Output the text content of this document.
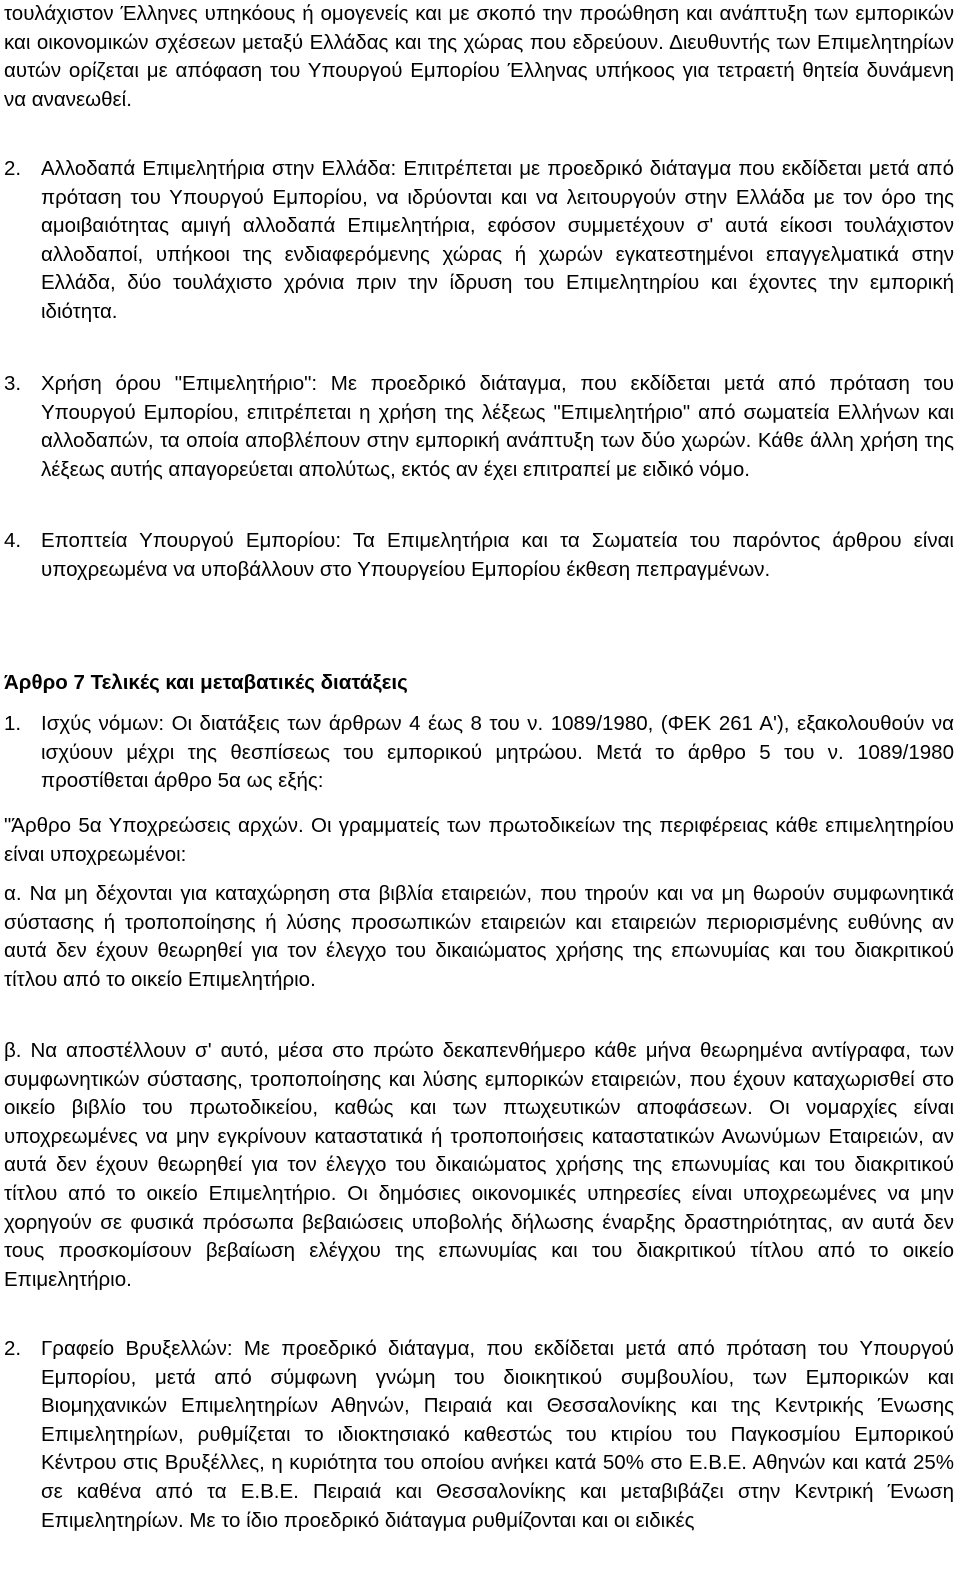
τουλάχιστον Έλληνες υπηκόους ή ομογενείς και με σκοπό την προώθηση και ανάπτυξη των εμπορικών και οικονομικών σχέσεων μεταξύ Ελλάδας και της χώρας που εδρεύουν. Διευθυντής των Επιμελητηρίων αυτών ορίζεται με απόφαση του Υπουργού Εμπορίου Έλληνας υπήκοος για τετραετή θητεία δυνάμενη να ανανεωθεί.

2. Αλλοδαπά Επιμελητήρια στην Ελλάδα: Επιτρέπεται με προεδρικό διάταγμα που εκδίδεται μετά από πρόταση του Υπουργού Εμπορίου, να ιδρύονται και να λειτουργούν στην Ελλάδα με τον όρο της αμοιβαιότητας αμιγή αλλοδαπά Επιμελητήρια, εφόσον συμμετέχουν σ' αυτά είκοσι τουλάχιστον αλλοδαποί, υπήκοοι της ενδιαφερόμενης χώρας ή χωρών εγκατεστημένοι επαγγελματικά στην Ελλάδα, δύο τουλάχιστο χρόνια πριν την ίδρυση του Επιμελητηρίου και έχοντες την εμπορική ιδιότητα.
3. Χρήση όρου "Επιμελητήριο": Με προεδρικό διάταγμα, που εκδίδεται μετά από πρόταση του Υπουργού Εμπορίου, επιτρέπεται η χρήση της λέξεως "Επιμελητήριο" από σωματεία Ελλήνων και αλλοδαπών, τα οποία αποβλέπουν στην εμπορική ανάπτυξη των δύο χωρών. Κάθε άλλη χρήση της λέξεως αυτής απαγορεύεται απολύτως, εκτός αν έχει επιτραπεί με ειδικό νόμο.
4. Εποπτεία Υπουργού Εμπορίου: Τα Επιμελητήρια και τα Σωματεία του παρόντος άρθρου είναι υποχρεωμένα να υποβάλλουν στο Υπουργείου Εμπορίου έκθεση πεπραγμένων.

Άρθρο 7 Τελικές και μεταβατικές διατάξεις

1. Ισχύς νόμων: Οι διατάξεις των άρθρων 4 έως 8 του ν. 1089/1980, (ΦΕΚ 261 Α'), εξακολουθούν να ισχύουν μέχρι της θεσπίσεως του εμπορικού μητρώου. Μετά το άρθρο 5 του ν. 1089/1980 προστίθεται άρθρο 5α ως εξής:

"Άρθρο 5α Υποχρεώσεις αρχών. Οι γραμματείς των πρωτοδικείων της περιφέρειας κάθε επιμελητηρίου είναι υποχρεωμένοι:

α. Να μη δέχονται για καταχώρηση στα βιβλία εταιρειών, που τηρούν και να μη θωρούν συμφωνητικά σύστασης ή τροποποίησης ή λύσης προσωπικών εταιρειών και εταιρειών περιορισμένης ευθύνης αν αυτά δεν έχουν θεωρηθεί για τον έλεγχο του δικαιώματος χρήσης της επωνυμίας και του διακριτικού τίτλου από το οικείο Επιμελητήριο.

β. Να αποστέλλουν σ' αυτό, μέσα στο πρώτο δεκαπενθήμερο κάθε μήνα θεωρημένα αντίγραφα, των συμφωνητικών σύστασης, τροποποίησης και λύσης εμπορικών εταιρειών, που έχουν καταχωρισθεί στο οικείο βιβλίο του πρωτοδικείου, καθώς και των πτωχευτικών αποφάσεων. Οι νομαρχίες είναι υποχρεωμένες να μην εγκρίνουν καταστατικά ή τροποποιήσεις καταστατικών Ανωνύμων Εταιρειών, αν αυτά δεν έχουν θεωρηθεί για τον έλεγχο του δικαιώματος χρήσης της επωνυμίας και του διακριτικού τίτλου από το οικείο Επιμελητήριο. Οι δημόσιες οικονομικές υπηρεσίες είναι υποχρεωμένες να μην χορηγούν σε φυσικά πρόσωπα βεβαιώσεις υποβολής δήλωσης έναρξης δραστηριότητας, αν αυτά δεν τους προσκομίσουν βεβαίωση ελέγχου της επωνυμίας και του διακριτικού τίτλου από το οικείο Επιμελητήριο.

2. Γραφείο Βρυξελλών: Με προεδρικό διάταγμα, που εκδίδεται μετά από πρόταση του Υπουργού Εμπορίου, μετά από σύμφωνη γνώμη του διοικητικού συμβουλίου, των Εμπορικών και Βιομηχανικών Επιμελητηρίων Αθηνών, Πειραιά και Θεσσαλονίκης και της Κεντρικής Ένωσης Επιμελητηρίων, ρυθμίζεται το ιδιοκτησιακό καθεστώς του κτιρίου του Παγκοσμίου Εμπορικού Κέντρου στις Βρυξέλλες, η κυριότητα του οποίου ανήκει κατά 50% στο Ε.Β.Ε. Αθηνών και κατά 25% σε καθένα από τα Ε.Β.Ε. Πειραιά και Θεσσαλονίκης και μεταβιβάζει στην Κεντρική Ένωση Επιμελητηρίων. Με το ίδιο προεδρικό διάταγμα ρυθμίζονται και οι ειδικές
